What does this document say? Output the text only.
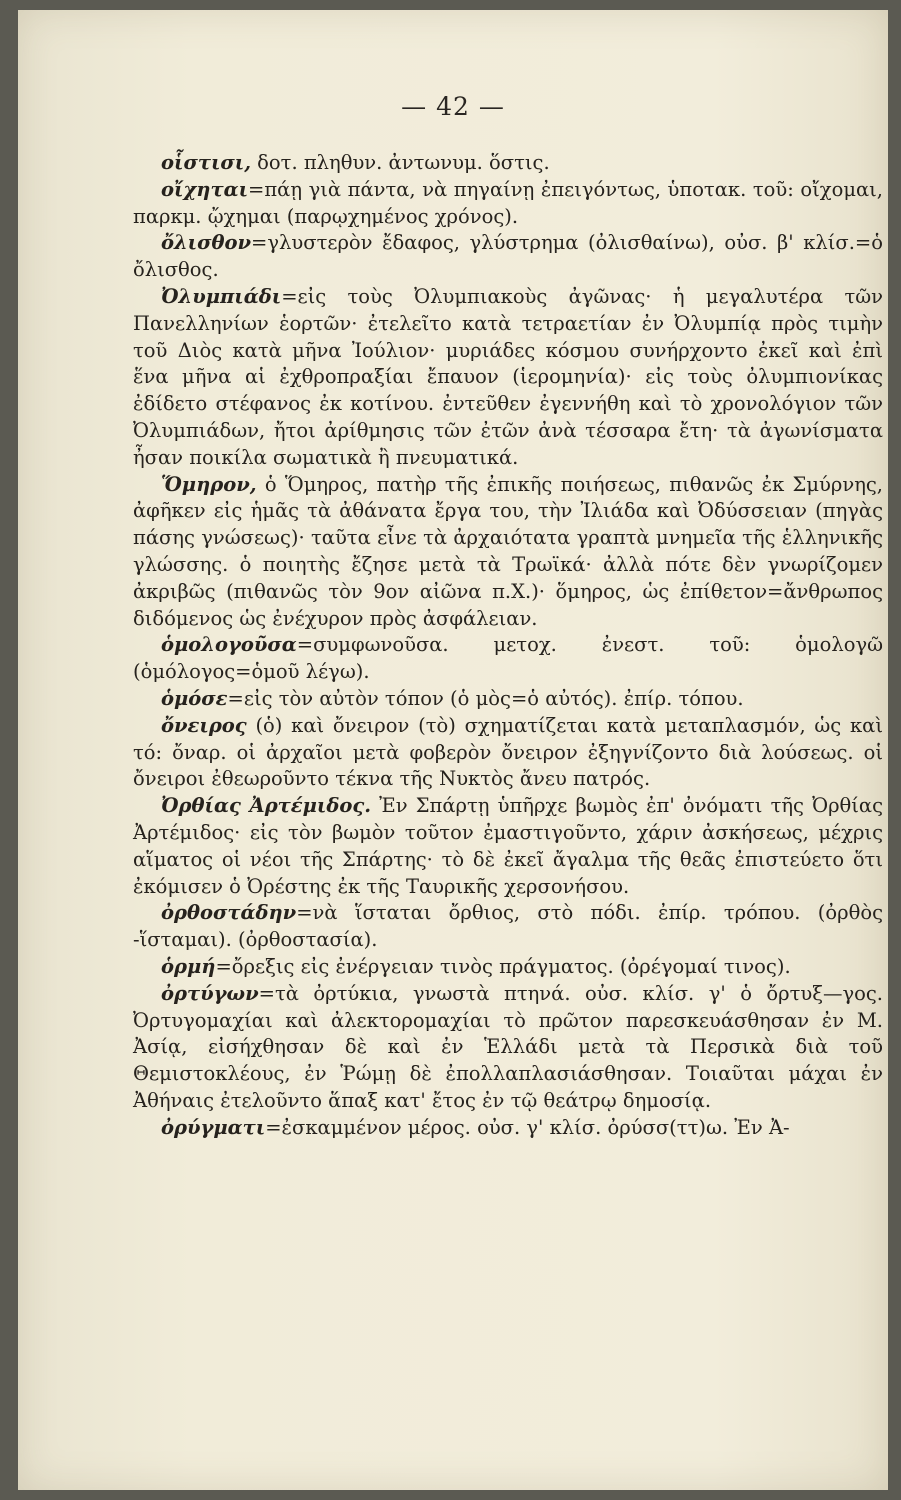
— 42 —

οἷστισι, δοτ. πληθυν. ἀντωνυμ. ὅστις.

οἴχηται=πάῃ γιὰ πάντα, νὰ πηγαίνῃ ἐπειγόντως, ὑποτακ. τοῦ: οἴχομαι, παρκμ. ᾤχημαι (παρῳχημένος χρόνος).

ὄλισθον=γλυστερὸν ἔδαφος, γλύστρημα (ὀλισθαίνω), οὐσ. β' κλίσ.=ὁ ὄλισθος.

Ὀλυμπιάδι=εἰς τοὺς Ὀλυμπιακοὺς ἀγῶνας· ἡ μεγαλυτέρα τῶν Πανελληνίων ἑορτῶν· ἐτελεῖτο κατὰ τετραετίαν ἐν Ὀλυμπίᾳ πρὸς τιμὴν τοῦ Διὸς κατὰ μῆνα Ἰούλιον· μυριάδες κόσμου συνήρχοντο ἐκεῖ καὶ ἐπὶ ἕνα μῆνα αἱ ἐχθροπραξίαι ἔπαυον (ἱερομηνία)· εἰς τοὺς ὀλυμπιονίκας ἐδίδετο στέφανος ἐκ κοτίνου. ἐντεῦθεν ἐγεννήθη καὶ τὸ χρονολόγιον τῶν Ὀλυμπιάδων, ἤτοι ἀρίθμησις τῶν ἐτῶν ἀνὰ τέσσαρα ἔτη· τὰ ἀγωνίσματα ἦσαν ποικίλα σωματικὰ ἢ πνευματικά.

Ὅμηρον, ὁ Ὅμηρος, πατὴρ τῆς ἐπικῆς ποιήσεως, πιθανῶς ἐκ Σμύρνης, ἀφῆκεν εἰς ἡμᾶς τὰ ἀθάνατα ἔργα του, τὴν Ἰλιάδα καὶ Ὀδύσσειαν (πηγὰς πάσης γνώσεως)· ταῦτα εἶνε τὰ ἀρχαιότατα γραπτὰ μνημεῖα τῆς ἑλληνικῆς γλώσσης. ὁ ποιητὴς ἔζησε μετὰ τὰ Τρωϊκά· ἀλλὰ πότε δὲν γνωρίζομεν ἀκριβῶς (πιθανῶς τὸν 9ον αἰῶνα π.Χ.)· ὅμηρος, ὡς ἐπίθετον=ἄνθρωπος διδόμενος ὡς ἐνέχυρον πρὸς ἀσφάλειαν.

ὁμολογοῦσα=συμφωνοῦσα. μετοχ. ἐνεστ. τοῦ: ὁμολογῶ (ὁμόλογος=ὁμοῦ λέγω).

ὁμόσε=εἰς τὸν αὐτὸν τόπον (ὁ μὸς=ὁ αὐτός). ἐπίρ. τόπου.

ὄνειρος (ὁ) καὶ ὄνειρον (τὸ) σχηματίζεται κατὰ μεταπλασμόν, ὡς καὶ τό: ὄναρ. οἱ ἀρχαῖοι μετὰ φοβερὸν ὄνειρον ἐξηγνίζοντο διὰ λούσεως. οἱ ὄνειροι ἐθεωροῦντο τέκνα τῆς Νυκτὸς ἄνευ πατρός.

Ὀρθίας Ἀρτέμιδος. Ἐν Σπάρτῃ ὑπῆρχε βωμὸς ἐπ' ὀνόματι τῆς Ὀρθίας Ἀρτέμιδος· εἰς τὸν βωμὸν τοῦτον ἐμαστιγοῦντο, χάριν ἀσκήσεως, μέχρις αἵματος οἱ νέοι τῆς Σπάρτης· τὸ δὲ ἐκεῖ ἄγαλμα τῆς θεᾶς ἐπιστεύετο ὅτι ἐκόμισεν ὁ Ὀρέστης ἐκ τῆς Ταυρικῆς χερσονήσου.

ὀρθοστάδην=νὰ ἵσταται ὄρθιος, στὸ πόδι. ἐπίρ. τρόπου. (ὀρθὸς -ἵσταμαι). (ὀρθοστασία).

ὁρμή=ὄρεξις εἰς ἐνέργειαν τινὸς πράγματος. (ὀρέγομαί τινος).

ὀρτύγων=τὰ ὀρτύκια, γνωστὰ πτηνά. οὐσ. κλίσ. γ' ὁ ὄρτυξ—γος. Ὀρτυγομαχίαι καὶ ἀλεκτορομαχίαι τὸ πρῶτον παρεσκευάσθησαν ἐν Μ. Ἀσίᾳ, εἰσήχθησαν δὲ καὶ ἐν Ἑλλάδι μετὰ τὰ Περσικὰ διὰ τοῦ Θεμιστοκλέους, ἐν Ῥώμῃ δὲ ἐπολλαπλασιάσθησαν. Τοιαῦται μάχαι ἐν Ἀθήναις ἐτελοῦντο ἅπαξ κατ' ἔτος ἐν τῷ θεάτρῳ δημοσίᾳ.

ὀρύγματι=ἐσκαμμένον μέρος. οὐσ. γ' κλίσ. ὀρύσσ(ττ)ω. Ἐν Ἀ-
